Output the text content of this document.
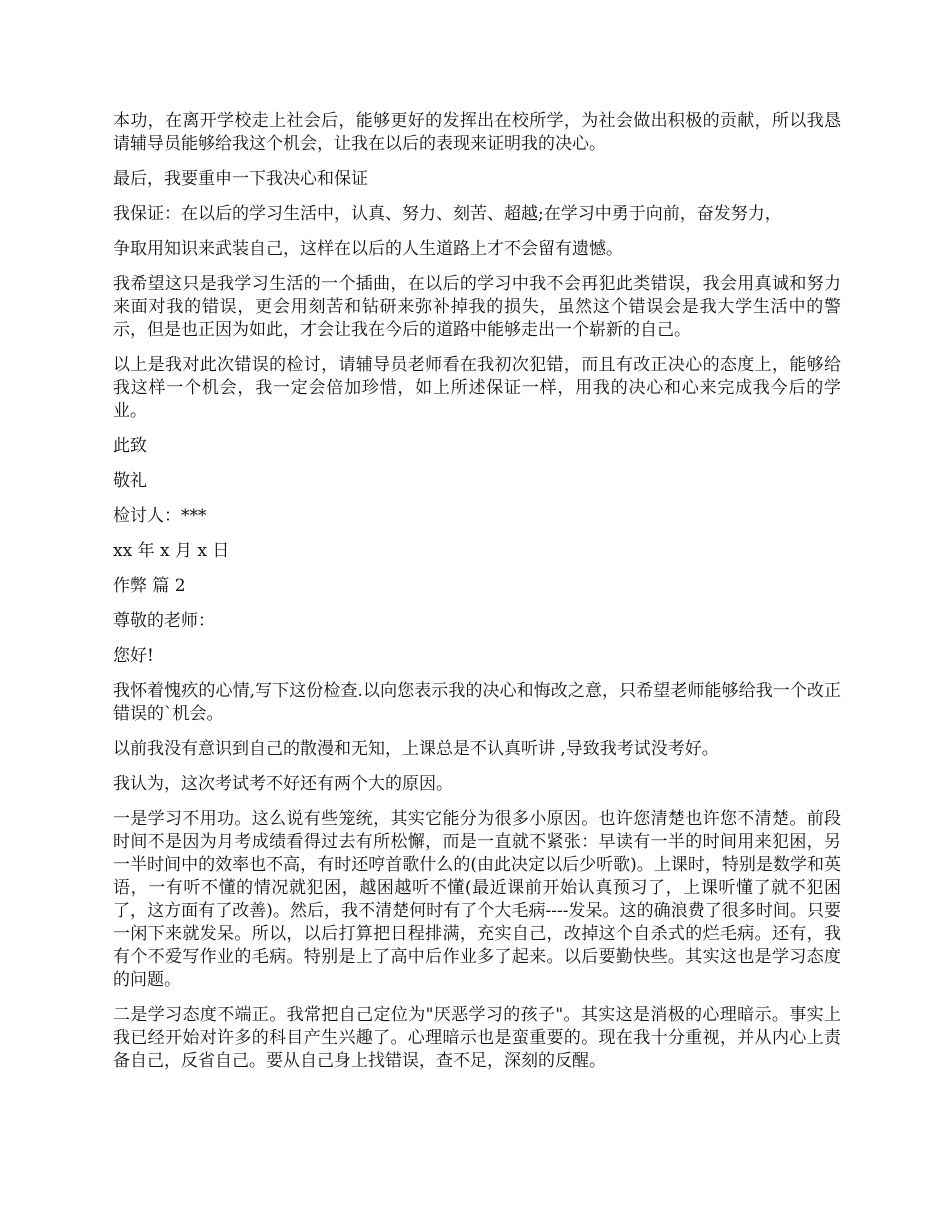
本功，在离开学校走上社会后，能够更好的发挥出在校所学，为社会做出积极的贡献，所以我恳请辅导员能够给我这个机会，让我在以后的表现来证明我的决心。

最后，我要重申一下我决心和保证

我保证：在以后的学习生活中，认真、努力、刻苦、超越;在学习中勇于向前，奋发努力，

争取用知识来武装自己，这样在以后的人生道路上才不会留有遗憾。

我希望这只是我学习生活的一个插曲，在以后的学习中我不会再犯此类错误，我会用真诚和努力来面对我的错误，更会用刻苦和钻研来弥补掉我的损失，虽然这个错误会是我大学生活中的警示，但是也正因为如此，才会让我在今后的道路中能够走出一个崭新的自己。

以上是我对此次错误的检讨，请辅导员老师看在我初次犯错，而且有改正决心的态度上，能够给我这样一个机会，我一定会倍加珍惜，如上所述保证一样，用我的决心和心来完成我今后的学业。

此致

敬礼

检讨人：***

xx 年 x 月 x 日

作弊 篇 2

尊敬的老师：

您好!

我怀着愧疚的心情,写下这份检查.以向您表示我的决心和悔改之意，只希望老师能够给我一个改正错误的`机会。

以前我没有意识到自己的散漫和无知，上课总是不认真听讲 ,导致我考试没考好。

我认为，这次考试考不好还有两个大的原因。

一是学习不用功。这么说有些笼统，其实它能分为很多小原因。也许您清楚也许您不清楚。前段时间不是因为月考成绩看得过去有所松懈，而是一直就不紧张：早读有一半的时间用来犯困，另一半时间中的效率也不高，有时还哼首歌什么的(由此决定以后少听歌)。上课时，特别是数学和英语，一有听不懂的情况就犯困，越困越听不懂(最近课前开始认真预习了，上课听懂了就不犯困了，这方面有了改善)。然后，我不清楚何时有了个大毛病----发呆。这的确浪费了很多时间。只要一闲下来就发呆。所以，以后打算把日程排满，充实自己，改掉这个自杀式的烂毛病。还有，我有个不爱写作业的毛病。特别是上了高中后作业多了起来。以后要勤快些。其实这也是学习态度的问题。

二是学习态度不端正。我常把自己定位为"厌恶学习的孩子"。其实这是消极的心理暗示。事实上我已经开始对许多的科目产生兴趣了。心理暗示也是蛮重要的。现在我十分重视，并从内心上责备自己，反省自己。要从自己身上找错误，查不足，深刻的反醒。
